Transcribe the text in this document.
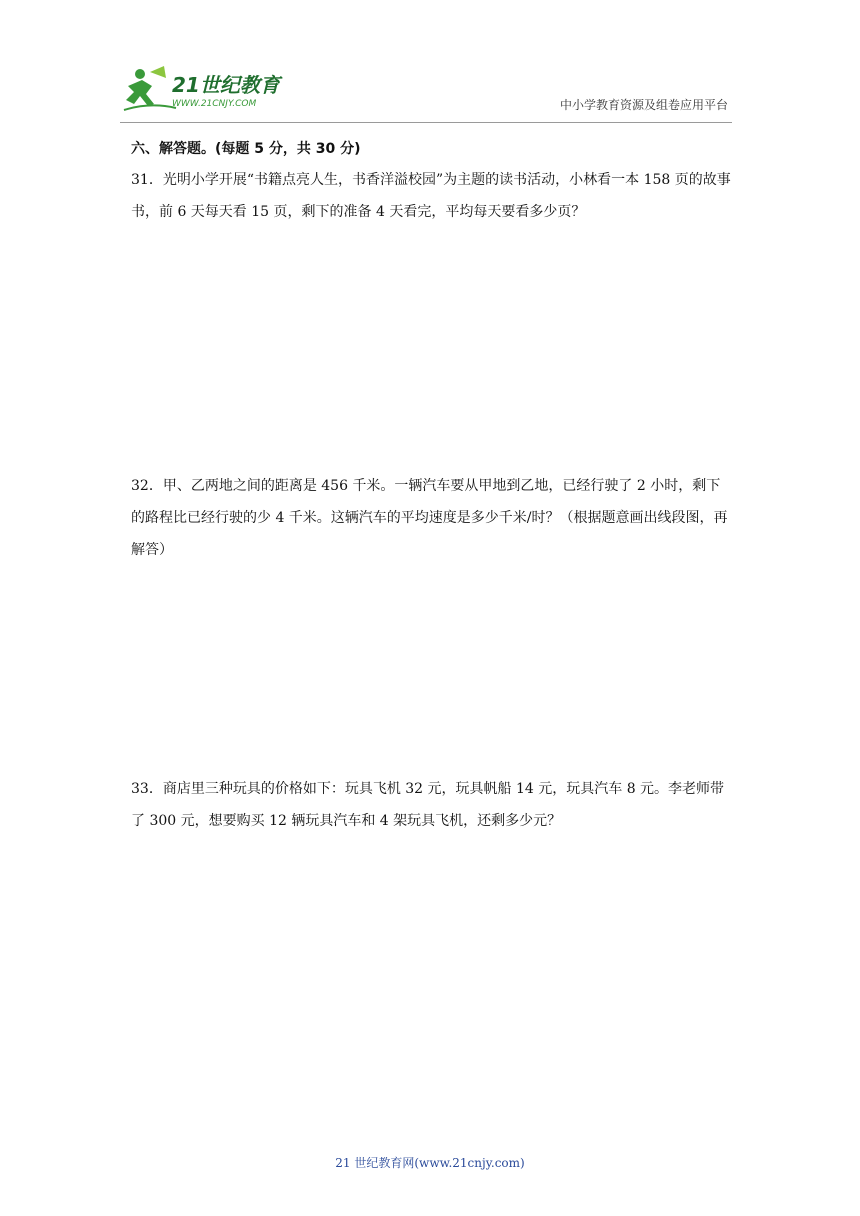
21世纪教育
WWW.21CNJY.COM	中小学教育资源及组卷应用平台
六、解答题。(每题 5 分，共 30 分)
31．光明小学开展“书籍点亮人生，书香洋溢校园”为主题的读书活动，小林看一本 158 页的故事书，前 6 天每天看 15 页，剩下的准备 4 天看完，平均每天要看多少页？
32．甲、乙两地之间的距离是 456 千米。一辆汽车要从甲地到乙地，已经行驶了 2 小时，剩下的路程比已经行驶的少 4 千米。这辆汽车的平均速度是多少千米/时？（根据题意画出线段图，再解答）
33．商店里三种玩具的价格如下：玩具飞机 32 元，玩具帆船 14 元，玩具汽车 8 元。李老师带了 300 元，想要购买 12 辆玩具汽车和 4 架玩具飞机，还剩多少元？
21 世纪教育网(www.21cnjy.com)
